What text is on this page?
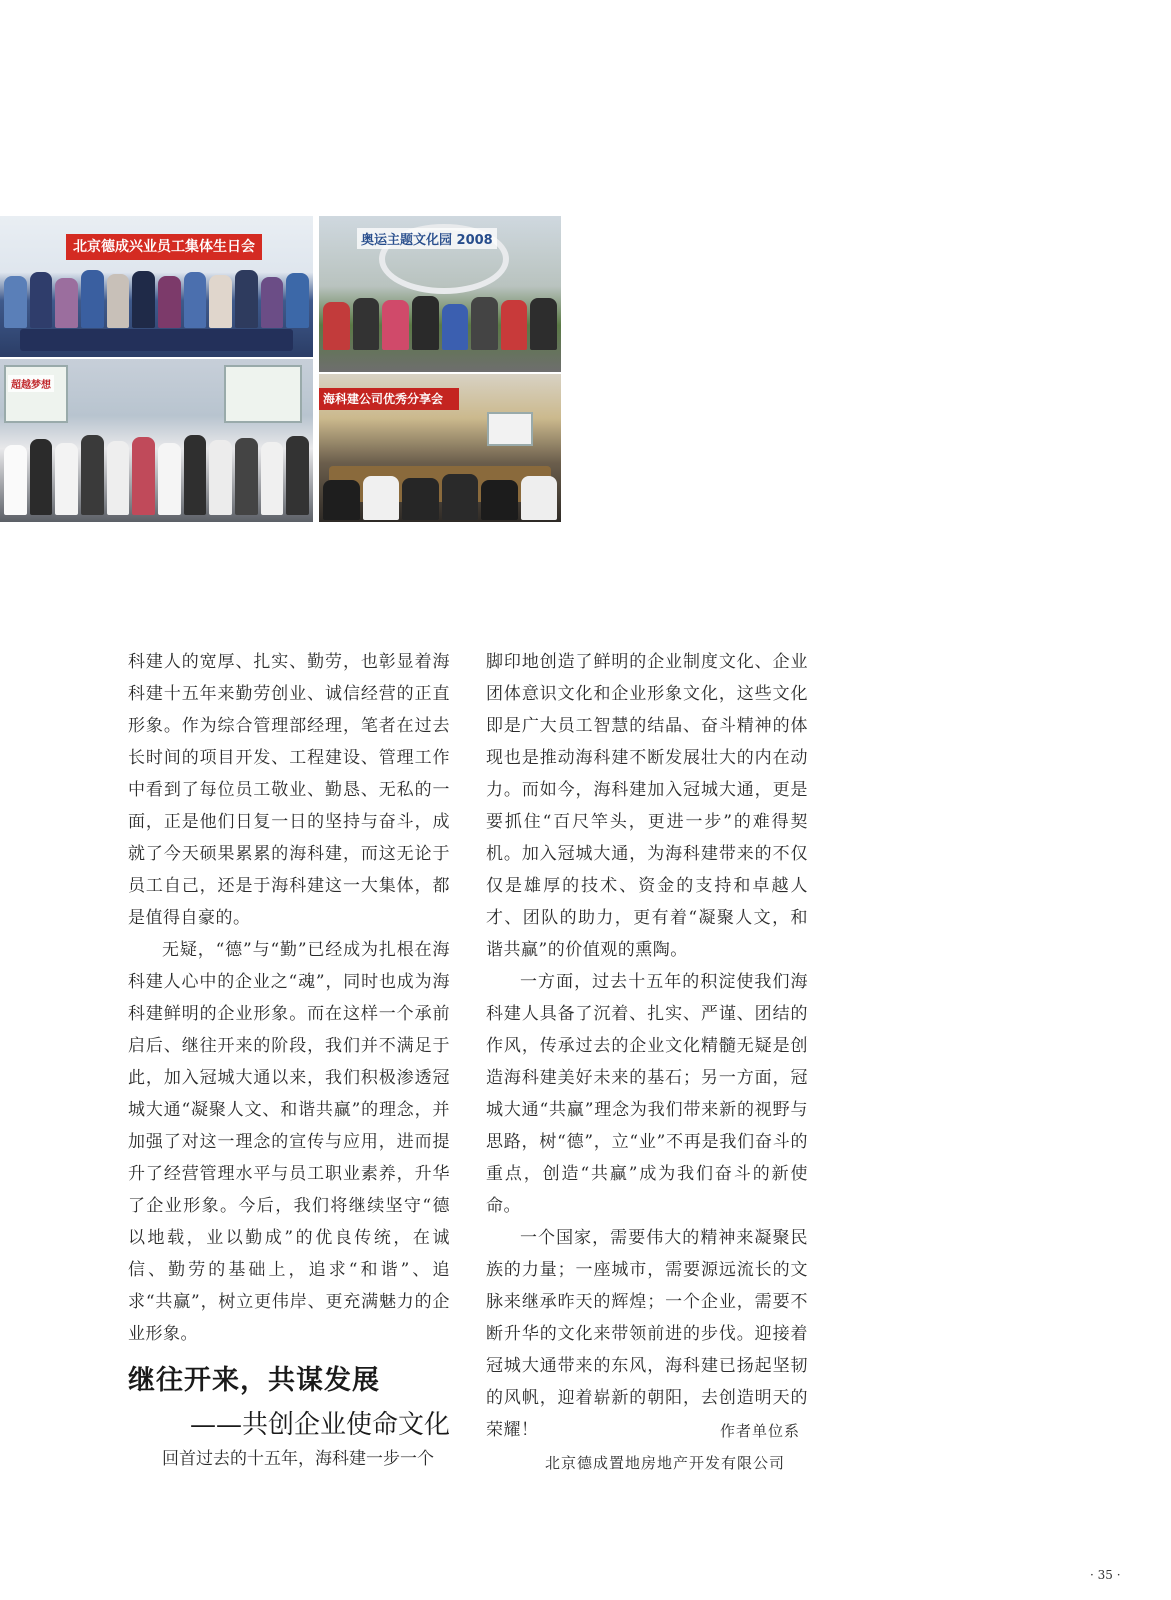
北京德成兴业员工集体生日会	奥运主题文化园 2008
超越梦想
海科建公司优秀分享会

科建人的宽厚、扎实、勤劳，也彰显着海科建十五年来勤劳创业、诚信经营的正直形象。作为综合管理部经理，笔者在过去长时间的项目开发、工程建设、管理工作中看到了每位员工敬业、勤恳、无私的一面，正是他们日复一日的坚持与奋斗，成就了今天硕果累累的海科建，而这无论于员工自己，还是于海科建这一大集体，都是值得自豪的。

无疑，“德”与“勤”已经成为扎根在海科建人心中的企业之“魂”，同时也成为海科建鲜明的企业形象。而在这样一个承前启后、继往开来的阶段，我们并不满足于此，加入冠城大通以来，我们积极渗透冠城大通“凝聚人文、和谐共赢”的理念，并加强了对这一理念的宣传与应用，进而提升了经营管理水平与员工职业素养，升华了企业形象。今后，我们将继续坚守“德以地载，业以勤成”的优良传统，在诚信、勤劳的基础上，追求“和谐”、追求“共赢”，树立更伟岸、更充满魅力的企业形象。

继往开来，共谋发展
——共创企业使命文化
回首过去的十五年，海科建一步一个

脚印地创造了鲜明的企业制度文化、企业团体意识文化和企业形象文化，这些文化即是广大员工智慧的结晶、奋斗精神的体现也是推动海科建不断发展壮大的内在动力。而如今，海科建加入冠城大通，更是要抓住“百尺竿头，更进一步”的难得契机。加入冠城大通，为海科建带来的不仅仅是雄厚的技术、资金的支持和卓越人才、团队的助力，更有着“凝聚人文，和谐共赢”的价值观的熏陶。

一方面，过去十五年的积淀使我们海科建人具备了沉着、扎实、严谨、团结的作风，传承过去的企业文化精髓无疑是创造海科建美好未来的基石；另一方面，冠城大通“共赢”理念为我们带来新的视野与思路，树“德”，立“业”不再是我们奋斗的重点，创造“共赢”成为我们奋斗的新使命。

一个国家，需要伟大的精神来凝聚民族的力量；一座城市，需要源远流长的文脉来继承昨天的辉煌；一个企业，需要不断升华的文化来带领前进的步伐。迎接着冠城大通带来的东风，海科建已扬起坚韧的风帆，迎着崭新的朝阳，去创造明天的荣耀！	作者单位系
北京德成置地房地产开发有限公司
· 35 ·
